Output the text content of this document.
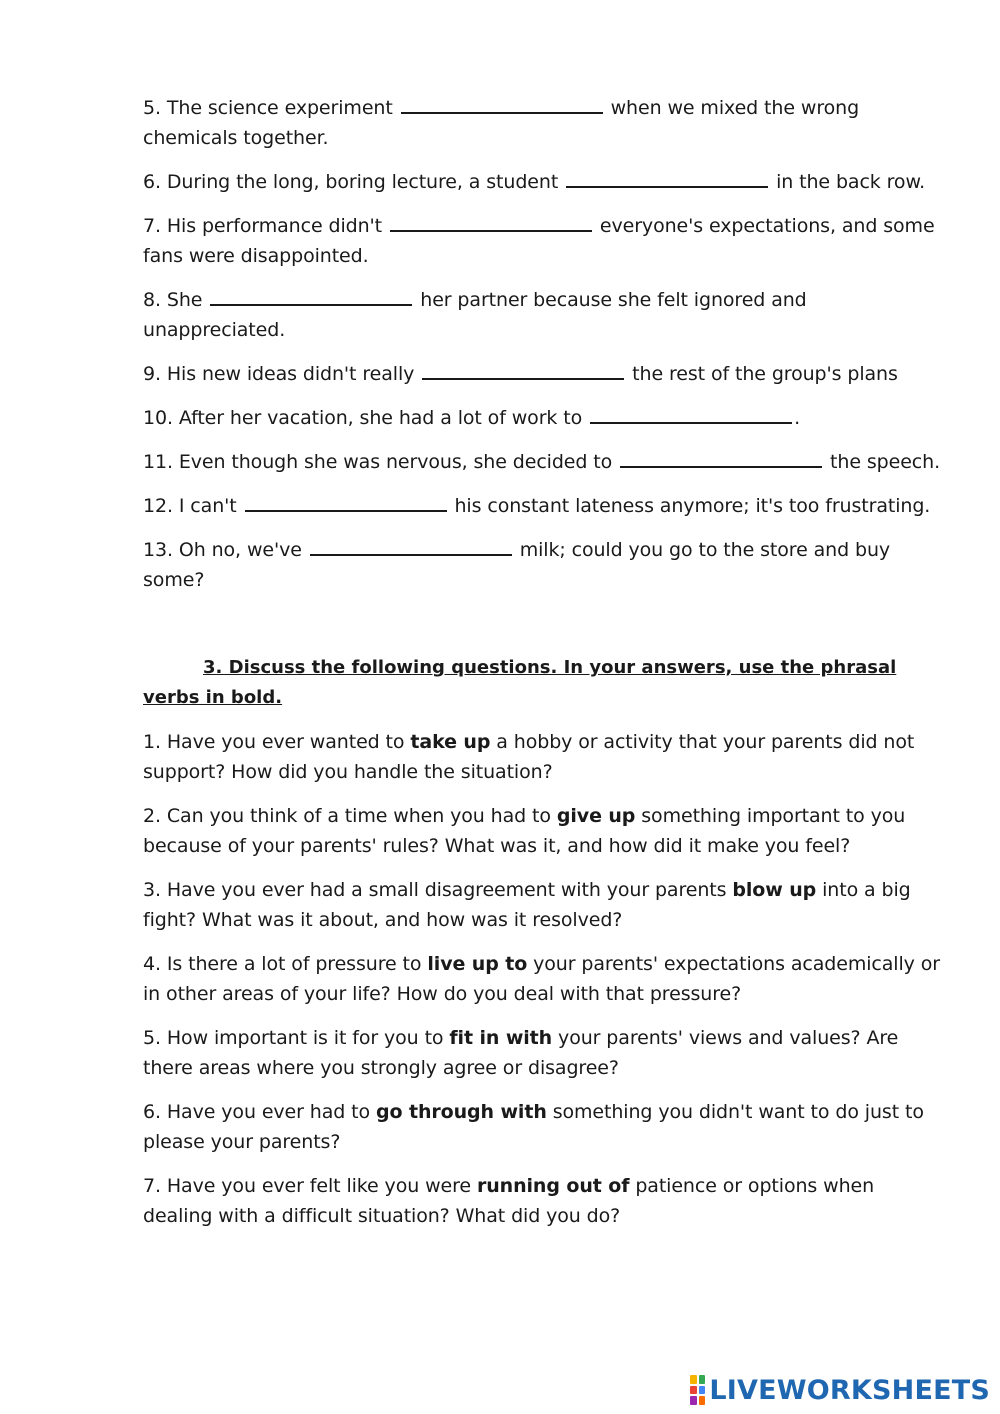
5. The science experiment	when we mixed the wrong chemicals together.

6. During the long, boring lecture, a student	in the back row.

7. His performance didn't	everyone's expectations, and some fans were disappointed.

8. She	her partner because she felt ignored and unappreciated.

9. His new ideas didn't really	the rest of the group's plans

10. After her vacation, she had a lot of work to	.

11. Even though she was nervous, she decided to	the speech.

12. I can't	his constant lateness anymore; it's too frustrating.

13. Oh no, we've	milk; could you go to the store and buy some?

3. Discuss the following questions. In your answers, use the phrasal verbs in bold.

1. Have you ever wanted to take up a hobby or activity that your parents did not support? How did you handle the situation?

2. Can you think of a time when you had to give up something important to you because of your parents' rules? What was it, and how did it make you feel?

3. Have you ever had a small disagreement with your parents blow up into a big fight? What was it about, and how was it resolved?

4. Is there a lot of pressure to live up to your parents' expectations academically or in other areas of your life? How do you deal with that pressure?

5. How important is it for you to fit in with your parents' views and values? Are there areas where you strongly agree or disagree?

6. Have you ever had to go through with something you didn't want to do just to please your parents?

7. Have you ever felt like you were running out of patience or options when dealing with a difficult situation? What did you do?

LIVEWORKSHEETS
